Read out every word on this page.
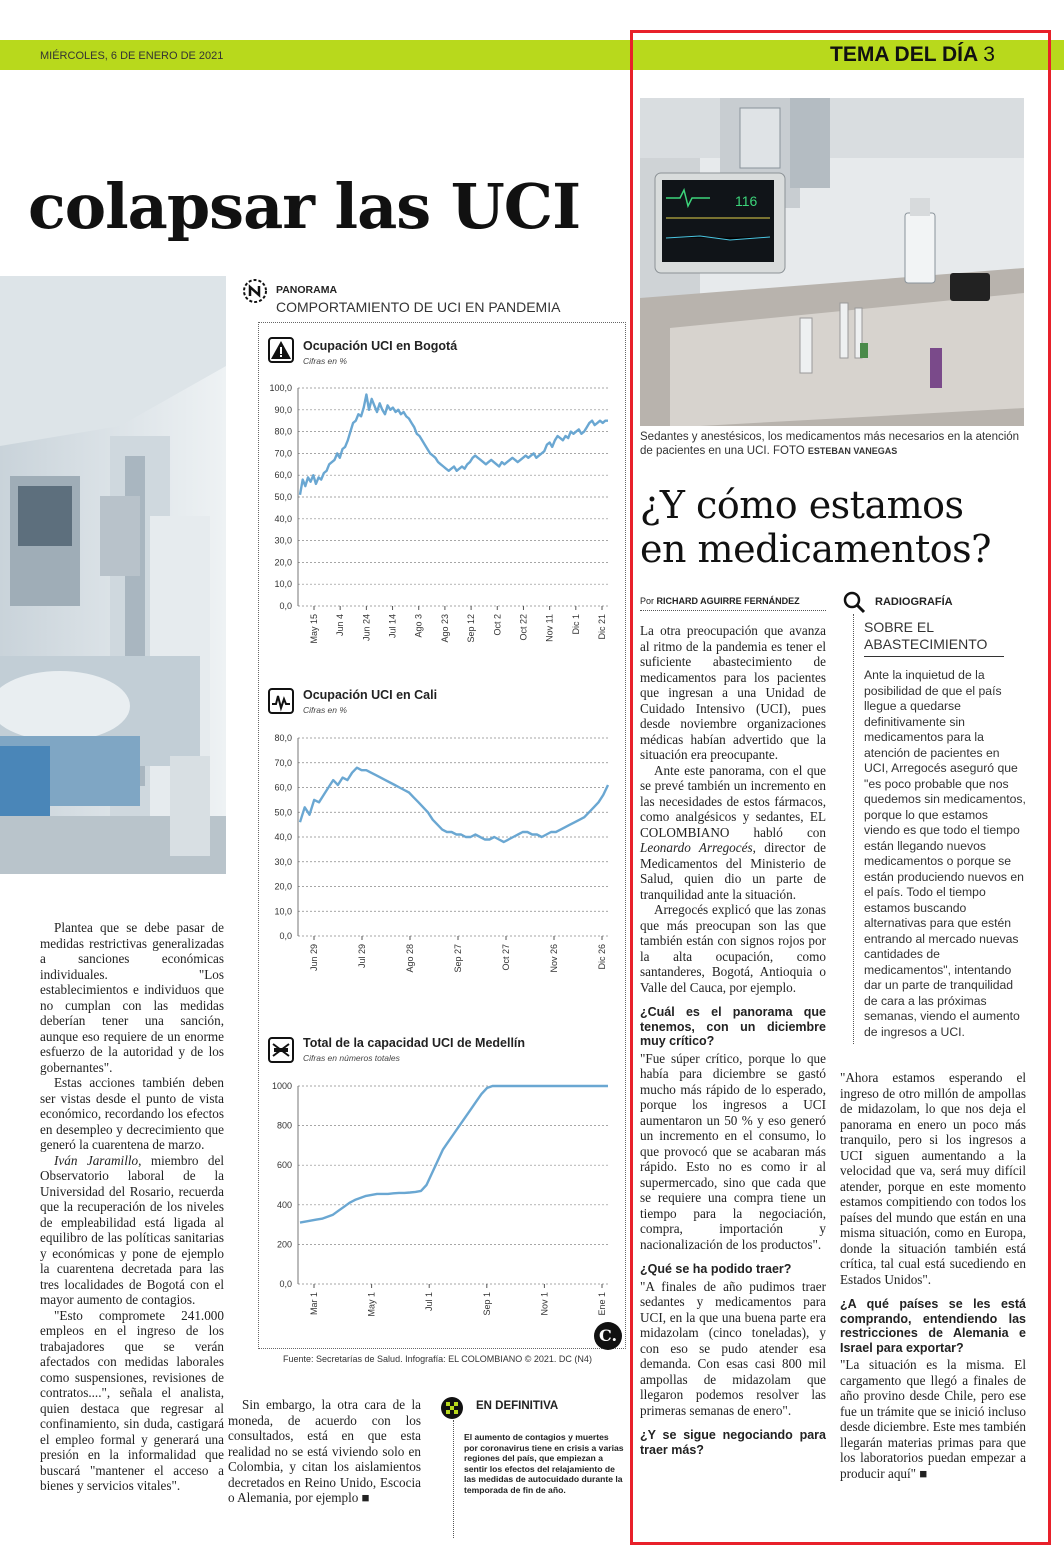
MIÉRCOLES, 6 DE ENERO DE 2021	TEMA DEL DÍA 3
colapsar las UCI

Plantea que se debe pasar de medidas restrictivas generalizadas a sanciones económicas individuales. "Los establecimientos e individuos que no cumplan con las medidas deberían tener una sanción, aunque eso requiere de un enorme esfuerzo de la autoridad y de los gobernantes".

Estas acciones también deben ser vistas desde el punto de vista económico, recordando los efectos en desempleo y decrecimiento que generó la cuarentena de marzo.

Iván Jaramillo, miembro del Observatorio laboral de la Universidad del Rosario, recuerda que la recuperación de los niveles de empleabilidad está ligada al equilibro de las políticas sanitarias y económicas y pone de ejemplo la cuarentena decretada para las tres localidades de Bogotá con el mayor aumento de contagios.

"Esto compromete 241.000 empleos en el ingreso de los trabajadores que se verán afectados con medidas laborales como suspensiones, revisiones de contratos....", señala el analista, quien destaca que regresar al confinamiento, sin duda, castigará el empleo formal y generará una presión en la informalidad que buscará "mantener el acceso a bienes y servicios vitales".

Sin embargo, la otra cara de la moneda, de acuerdo con los consultados, está en que esta realidad no se está viviendo solo en Colombia, y citan los aislamientos decretados en Reino Unido, Escocia o Alemania, por ejemplo ■

EN DEFINITIVA
El aumento de contagios y muertes por coronavirus tiene en crisis a varias regiones del país, que empiezan a sentir los efectos del relajamiento de las medidas de autocuidado durante la temporada de fin de año.
PANORAMA
COMPORTAMIENTO DE UCI EN PANDEMIA
Ocupación UCI en Bogotá
Cifras en %
100,0
90,0
80,0
70,0
60,0
50,0
40,0
30,0
20,0
10,0
0,0
May 15 Jun 4 Jun 24 Jul 14 Ago 3 Ago 23 Sep 12 Oct 2 Oct 22 Nov 11 Dic 1 Dic 21
Ocupación UCI en Cali
Cifras en %
80,0
70,0
60,0
50,0
40,0
30,0
20,0
10,0
0,0
Jun 29	Jul 29	Ago 28	Sep 27	Oct 27	Nov 26	Dic 26
Total de la capacidad UCI de Medellín
Cifras en números totales
1000
800
600
400
200
0,0
Mar 1	May 1	Jul 1	Sep 1	Nov 1	Ene 1
C.
Fuente: Secretarías de Salud. Infografía: EL COLOMBIANO © 2021. DC (N4)
116
Sedantes y anestésicos, los medicamentos más necesarios en la atención de pacientes en una UCI. FOTO ESTEBAN VANEGAS
¿Y cómo estamos
en medicamentos?
Por RICHARD AGUIRRE FERNÁNDEZ

La otra preocupación que avanza al ritmo de la pandemia es tener el suficiente abastecimiento de medicamentos para los pacientes que ingresan a una Unidad de Cuidado Intensivo (UCI), pues desde noviembre organizaciones médicas habían advertido que la situación era preocupante.

Ante este panorama, con el que se prevé también un incremento en las necesidades de estos fármacos, como analgésicos y sedantes, EL COLOMBIANO habló con Leonardo Arregocés, director de Medicamentos del Ministerio de Salud, quien dio un parte de tranquilidad ante la situación.

Arregocés explicó que las zonas que más preocupan son las que también están con signos rojos por la alta ocupación, como santanderes, Bogotá, Antioquia o Valle del Cauca, por ejemplo.

¿Cuál es el panorama que tenemos, con un diciembre muy crítico?

"Fue súper crítico, porque lo que había para diciembre se gastó mucho más rápido de lo esperado, porque los ingresos a UCI aumentaron un 50 % y eso generó un incremento en el consumo, lo que provocó que se acabaran más rápido. Esto no es como ir al supermercado, sino que cada que se requiere una compra tiene un tiempo para la negociación, compra, importación y nacionalización de los productos".

¿Qué se ha podido traer?

"A finales de año pudimos traer sedantes y medicamentos para UCI, en la que una buena parte era midazolam (cinco toneladas), y con eso se pudo atender esa demanda. Con esas casi 800 mil ampollas de midazolam que llegaron podemos resolver las primeras semanas de enero".

¿Y se sigue negociando para traer más?
RADIOGRAFÍA
SOBRE EL ABASTECIMIENTO
Ante la inquietud de la posibilidad de que el país llegue a quedarse definitivamente sin medicamentos para la atención de pacientes en UCI, Arregocés aseguró que "es poco probable que nos quedemos sin medicamentos, porque lo que estamos viendo es que todo el tiempo están llegando nuevos medicamentos o porque se están produciendo nuevos en el país. Todo el tiempo estamos buscando alternativas para que estén entrando al mercado nuevas cantidades de medicamentos", intentando dar un parte de tranquilidad de cara a las próximas semanas, viendo el aumento de ingresos a UCI.

"Ahora estamos esperando el ingreso de otro millón de ampollas de midazolam, lo que nos deja el panorama en enero un poco más tranquilo, pero si los ingresos a UCI siguen aumentando a la velocidad que va, será muy difícil atender, porque en este momento estamos compitiendo con todos los países del mundo que están en una misma situación, como en Europa, donde la situación también está crítica, tal cual está sucediendo en Estados Unidos".

¿A qué países se les está comprando, entendiendo las restricciones de Alemania e Israel para exportar?

"La situación es la misma. El cargamento que llegó a finales de año provino desde Chile, pero ese fue un trámite que se inició incluso desde diciembre. Este mes también llegarán materias primas para que los laboratorios puedan empezar a producir aquí" ■
